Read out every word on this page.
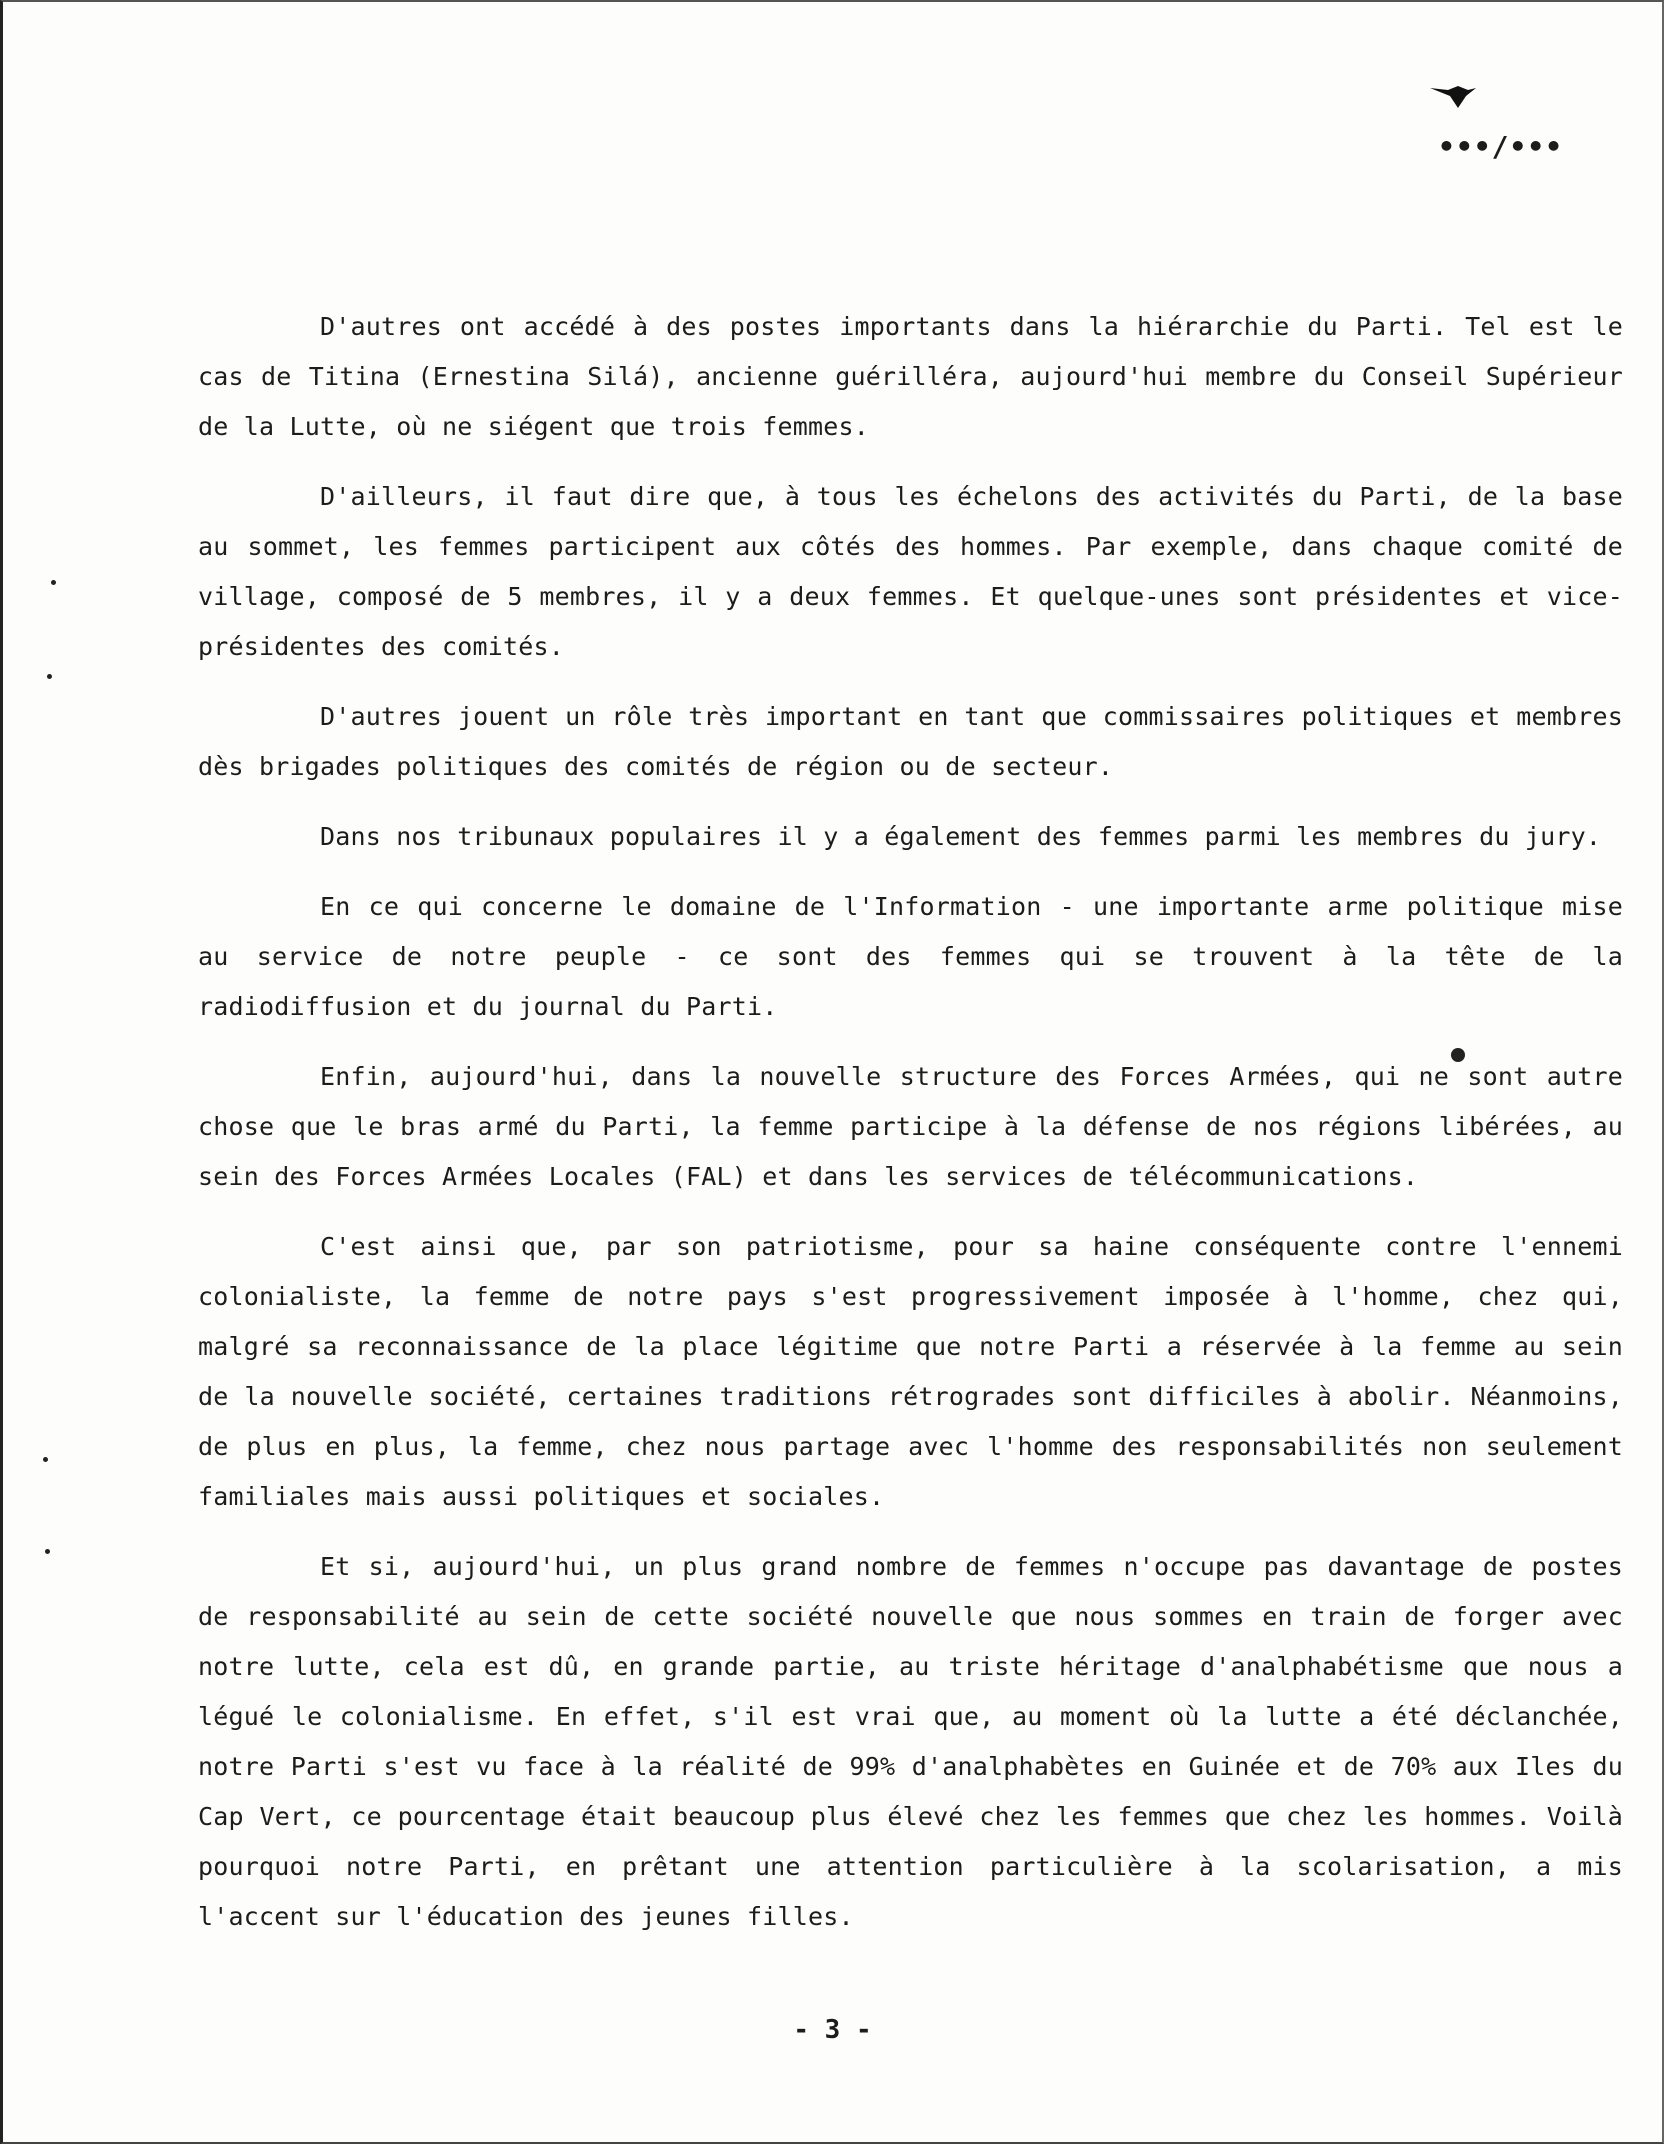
•••/•••

D'autres ont accédé à des postes importants dans la hiérarchie du Parti. Tel est le cas de Titina (Ernestina Silá), ancienne guérilléra, aujourd'hui membre du Conseil Supérieur de la Lutte, où ne siégent que trois femmes.

D'ailleurs, il faut dire que, à tous les échelons des activités du Parti, de la base au sommet, les femmes participent aux côtés des hommes. Par exemple, dans chaque comité de village, composé de 5 membres, il y a deux femmes. Et quelque-unes sont présidentes et vice-présidentes des comités.

D'autres jouent un rôle très important en tant que commissaires politiques et membres dès brigades politiques des comités de région ou de secteur.

Dans nos tribunaux populaires il y a également des femmes parmi les membres du jury.

En ce qui concerne le domaine de l'Information - une importante arme politique mise au service de notre peuple - ce sont des femmes qui se trouvent à la tête de la radiodiffusion et du journal du Parti.

Enfin, aujourd'hui, dans la nouvelle structure des Forces Armées, qui ne sont autre chose que le bras armé du Parti, la femme participe à la défense de nos régions libérées, au sein des Forces Armées Locales (FAL) et dans les services de télécommunications.

C'est ainsi que, par son patriotisme, pour sa haine conséquente contre l'ennemi colonialiste, la femme de notre pays s'est progressivement imposée à l'homme, chez qui, malgré sa reconnaissance de la place légitime que notre Parti a réservée à la femme au sein de la nouvelle société, certaines traditions rétrogrades sont difficiles à abolir. Néanmoins, de plus en plus, la femme, chez nous partage avec l'homme des responsabilités non seulement familiales mais aussi politiques et sociales.

Et si, aujourd'hui, un plus grand nombre de femmes n'occupe pas davantage de postes de responsabilité au sein de cette société nouvelle que nous sommes en train de forger avec notre lutte, cela est dû, en grande partie, au triste héritage d'analphabétisme que nous a légué le colonialisme. En effet, s'il est vrai que, au moment où la lutte a été déclanchée, notre Parti s'est vu face à la réalité de 99% d'analphabètes en Guinée et de 70% aux Iles du Cap Vert, ce pourcentage était beaucoup plus élevé chez les femmes que chez les hommes. Voilà pourquoi notre Parti, en prêtant une attention particulière à la scolarisation, a mis l'accent sur l'éducation des jeunes filles.

- 3 -
